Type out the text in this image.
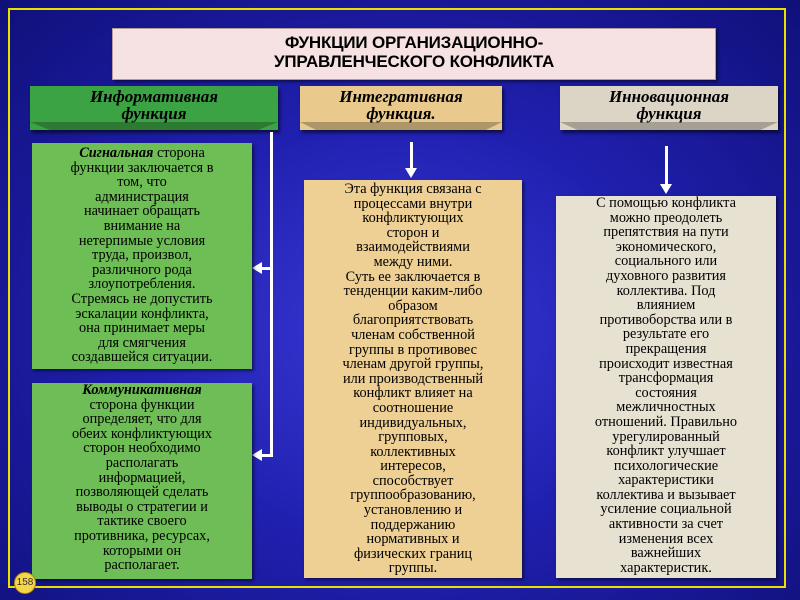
ФУНКЦИИ ОРГАНИЗАЦИОННО-
УПРАВЛЕНЧЕСКОГО КОНФЛИКТА
Информативная
функция
Интегративная
функция.
Инновационная
функция
Сигнальная сторона
функции заключается в
том, что
администрация
начинает обращать
внимание на
нетерпимые условия
труда, произвол,
различного рода
злоупотребления.
Стремясь не допустить
эскалации конфликта,
она принимает меры
для смягчения
создавшейся ситуации.
Коммуникативная
сторона функции
определяет, что для
обеих конфликтующих
сторон необходимо
располагать
информацией,
позволяющей сделать
выводы о стратегии и
тактике своего
противника, ресурсах,
которыми он
располагает.
Эта функция связана с
процессами внутри
конфликтующих
сторон и
взаимодействиями
между ними.
Суть ее заключается в
тенденции каким-либо
образом
благоприятствовать
членам собственной
группы в противовес
членам другой группы,
или производственный
конфликт влияет на
соотношение
индивидуальных,
групповых,
коллективных
интересов,
способствует
группообразованию,
установлению и
поддержанию
нормативных и
физических границ
группы.
С помощью конфликта
можно преодолеть
препятствия на пути
экономического,
социального или
духовного развития
коллектива. Под
влиянием
противоборства или в
результате его
прекращения
происходит известная
трансформация
состояния
межличностных
отношений. Правильно
урегулированный
конфликт улучшает
психологические
характеристики
коллектива и вызывает
усиление социальной
активности за счет
изменения всех
важнейших
характеристик.
158
